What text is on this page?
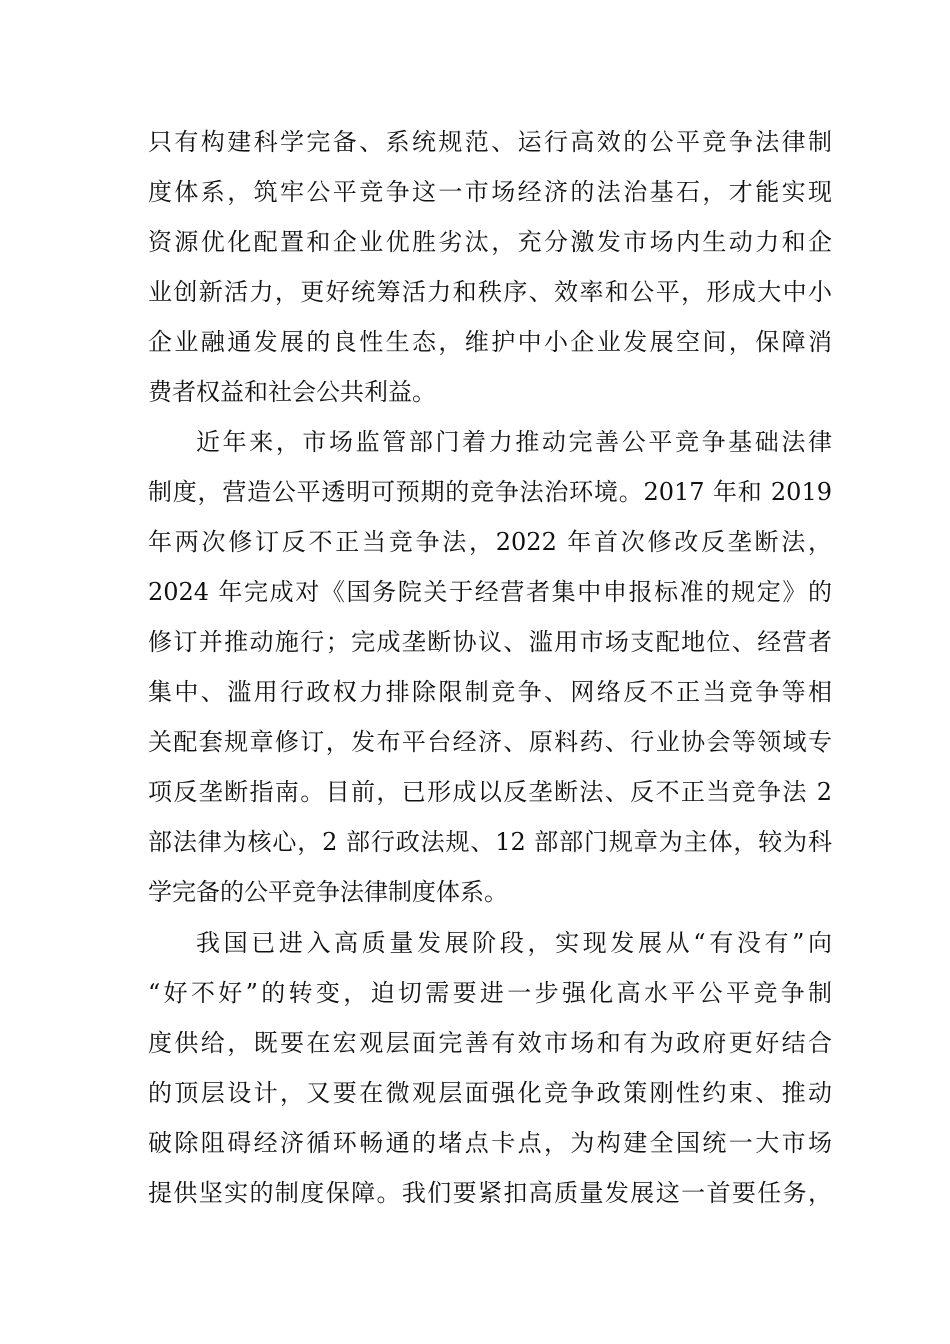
只有构建科学完备、系统规范、运行高效的公平竞争法律制
度体系，筑牢公平竞争这一市场经济的法治基石，才能实现
资源优化配置和企业优胜劣汰，充分激发市场内生动力和企
业创新活力，更好统筹活力和秩序、效率和公平，形成大中小
企业融通发展的良性生态，维护中小企业发展空间，保障消
费者权益和社会公共利益。
近年来，市场监管部门着力推动完善公平竞争基础法律
制度，营造公平透明可预期的竞争法治环境。2017 年和 2019
年两次修订反不正当竞争法，2022 年首次修改反垄断法，
2024 年完成对《国务院关于经营者集中申报标准的规定》的
修订并推动施行；完成垄断协议、滥用市场支配地位、经营者
集中、滥用行政权力排除限制竞争、网络反不正当竞争等相
关配套规章修订，发布平台经济、原料药、行业协会等领域专
项反垄断指南。目前，已形成以反垄断法、反不正当竞争法 2
部法律为核心，2 部行政法规、12 部部门规章为主体，较为科
学完备的公平竞争法律制度体系。
我国已进入高质量发展阶段，实现发展从“有没有”向
“好不好”的转变，迫切需要进一步强化高水平公平竞争制
度供给，既要在宏观层面完善有效市场和有为政府更好结合
的顶层设计，又要在微观层面强化竞争政策刚性约束、推动
破除阻碍经济循环畅通的堵点卡点，为构建全国统一大市场
提供坚实的制度保障。我们要紧扣高质量发展这一首要任务，
